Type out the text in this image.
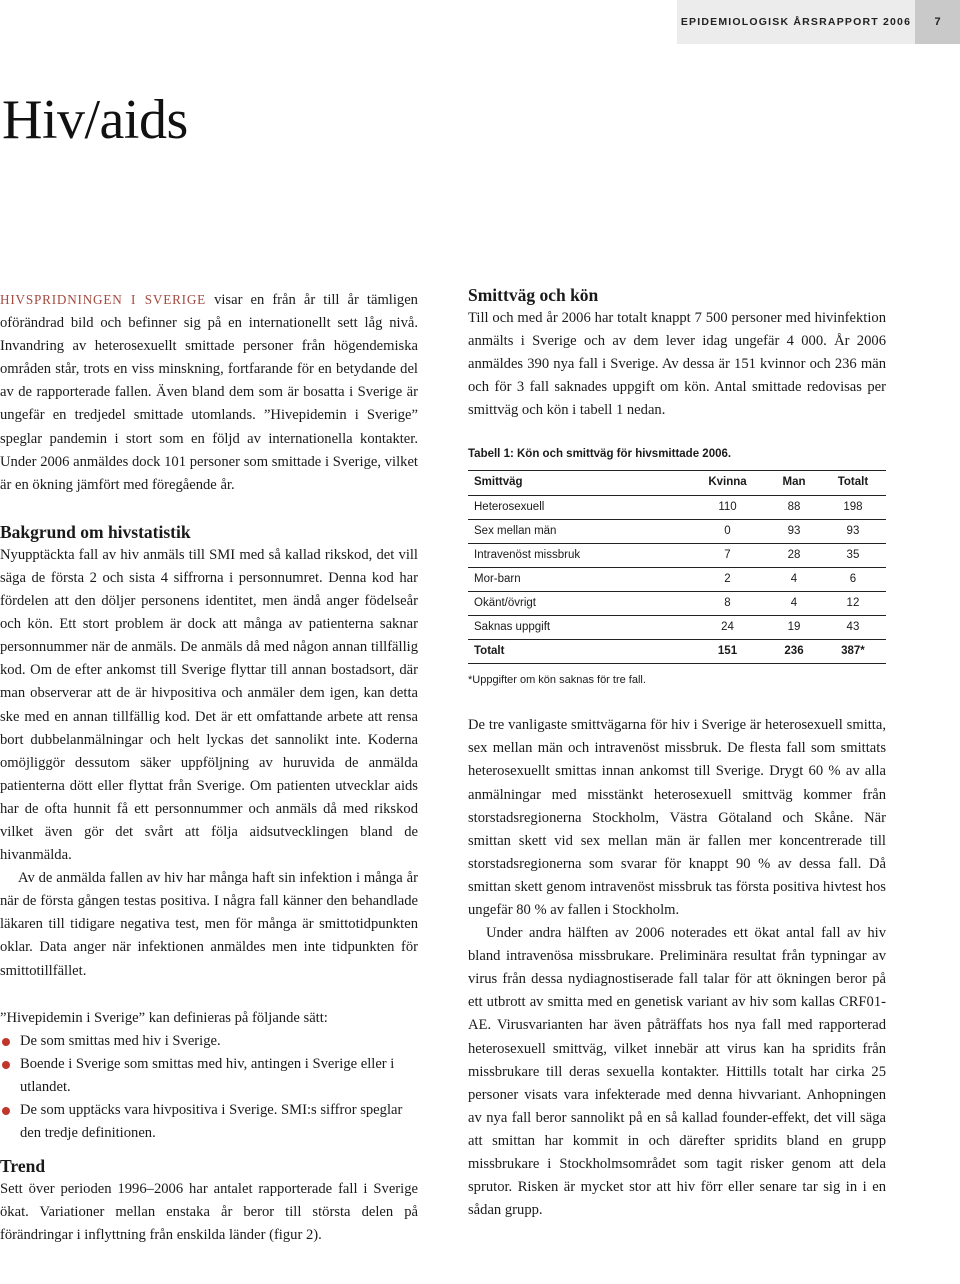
EPIDEMIOLOGISK ÅRSRAPPORT 2006	7
Hiv/aids

HIVSPRIDNINGEN I SVERIGE visar en från år till år tämligen oförändrad bild och befinner sig på en internationellt sett låg nivå. Invandring av heterosexuellt smittade personer från högendemiska områden står, trots en viss minskning, fortfarande för en betydande del av de rapporterade fallen. Även bland dem som är bosatta i Sverige är ungefär en tredjedel smittade utomlands. ”Hivepidemin i Sverige” speglar pandemin i stort som en följd av internationella kontakter. Under 2006 anmäldes dock 101 personer som smittade i Sverige, vilket är en ökning jämfört med föregående år.

Bakgrund om hivstatistik

Nyupptäckta fall av hiv anmäls till SMI med så kallad rikskod, det vill säga de första 2 och sista 4 siffrorna i personnumret. Denna kod har fördelen att den döljer personens identitet, men ändå anger födelseår och kön. Ett stort problem är dock att många av patienterna saknar personnummer när de anmäls. De anmäls då med någon annan tillfällig kod. Om de efter ankomst till Sverige flyttar till annan bostadsort, där man observerar att de är hivpositiva och anmäler dem igen, kan detta ske med en annan tillfällig kod. Det är ett omfattande arbete att rensa bort dubbelanmälningar och helt lyckas det sannolikt inte. Koderna omöjliggör dessutom säker uppföljning av huruvida de anmälda patienterna dött eller flyttat från Sverige. Om patienten utvecklar aids har de ofta hunnit få ett personnummer och anmäls då med rikskod vilket även gör det svårt att följa aidsutvecklingen bland de hivanmälda.

Av de anmälda fallen av hiv har många haft sin infektion i många år när de första gången testas positiva. I några fall känner den behandlade läkaren till tidigare negativa test, men för många är smittotidpunkten oklar. Data anger när infektionen anmäldes men inte tidpunkten för smittotillfället.

”Hivepidemin i Sverige” kan definieras på följande sätt:

De som smittas med hiv i Sverige.
Boende i Sverige som smittas med hiv, antingen i Sverige eller i utlandet.
De som upptäcks vara hivpositiva i Sverige. SMI:s siffror speglar den tredje definitionen.
Trend

Sett över perioden 1996–2006 har antalet rapporterade fall i Sverige ökat. Variationer mellan enstaka år beror till största delen på förändringar i inflyttning från enskilda länder (figur 2).

Smittväg och kön

Till och med år 2006 har totalt knappt 7 500 personer med hivinfektion anmälts i Sverige och av dem lever idag ungefär 4 000. År 2006 anmäldes 390 nya fall i Sverige. Av dessa är 151 kvinnor och 236 män och för 3 fall saknades uppgift om kön. Antal smittade redovisas per smittväg och kön i tabell 1 nedan.

Tabell 1: Kön och smittväg för hivsmittade 2006.

Smittväg	Kvinna	Man	Totalt
Heterosexuell	110	88	198
Sex mellan män	0	93	93
Intravenöst missbruk	7	28	35
Mor-barn	2	4	6
Okänt/övrigt	8	4	12
Saknas uppgift	24	19	43
Totalt	151	236	387*
*Uppgifter om kön saknas för tre fall.

De tre vanligaste smittvägarna för hiv i Sverige är heterosexuell smitta, sex mellan män och intravenöst missbruk. De flesta fall som smittats heterosexuellt smittas innan ankomst till Sverige. Drygt 60 % av alla anmälningar med misstänkt heterosexuell smittväg kommer från storstadsregionerna Stockholm, Västra Götaland och Skåne. När smittan skett vid sex mellan män är fallen mer koncentrerade till storstadsregionerna som svarar för knappt 90 % av dessa fall. Då smittan skett genom intravenöst missbruk tas första positiva hivtest hos ungefär 80 % av fallen i Stockholm.

Under andra hälften av 2006 noterades ett ökat antal fall av hiv bland intravenösa missbrukare. Preliminära resultat från typningar av virus från dessa nydiagnostiserade fall talar för att ökningen beror på ett utbrott av smitta med en genetisk variant av hiv som kallas CRF01-AE. Virusvarianten har även påträffats hos nya fall med rapporterad heterosexuell smittväg, vilket innebär att virus kan ha spridits från missbrukare till deras sexuella kontakter. Hittills totalt har cirka 25 personer visats vara infekterade med denna hivvariant. Anhopningen av nya fall beror sannolikt på en så kallad founder-effekt, det vill säga att smittan har kommit in och därefter spridits bland en grupp missbrukare i Stockholmsområdet som tagit risker genom att dela sprutor. Risken är mycket stor att hiv förr eller senare tar sig in i en sådan grupp.
